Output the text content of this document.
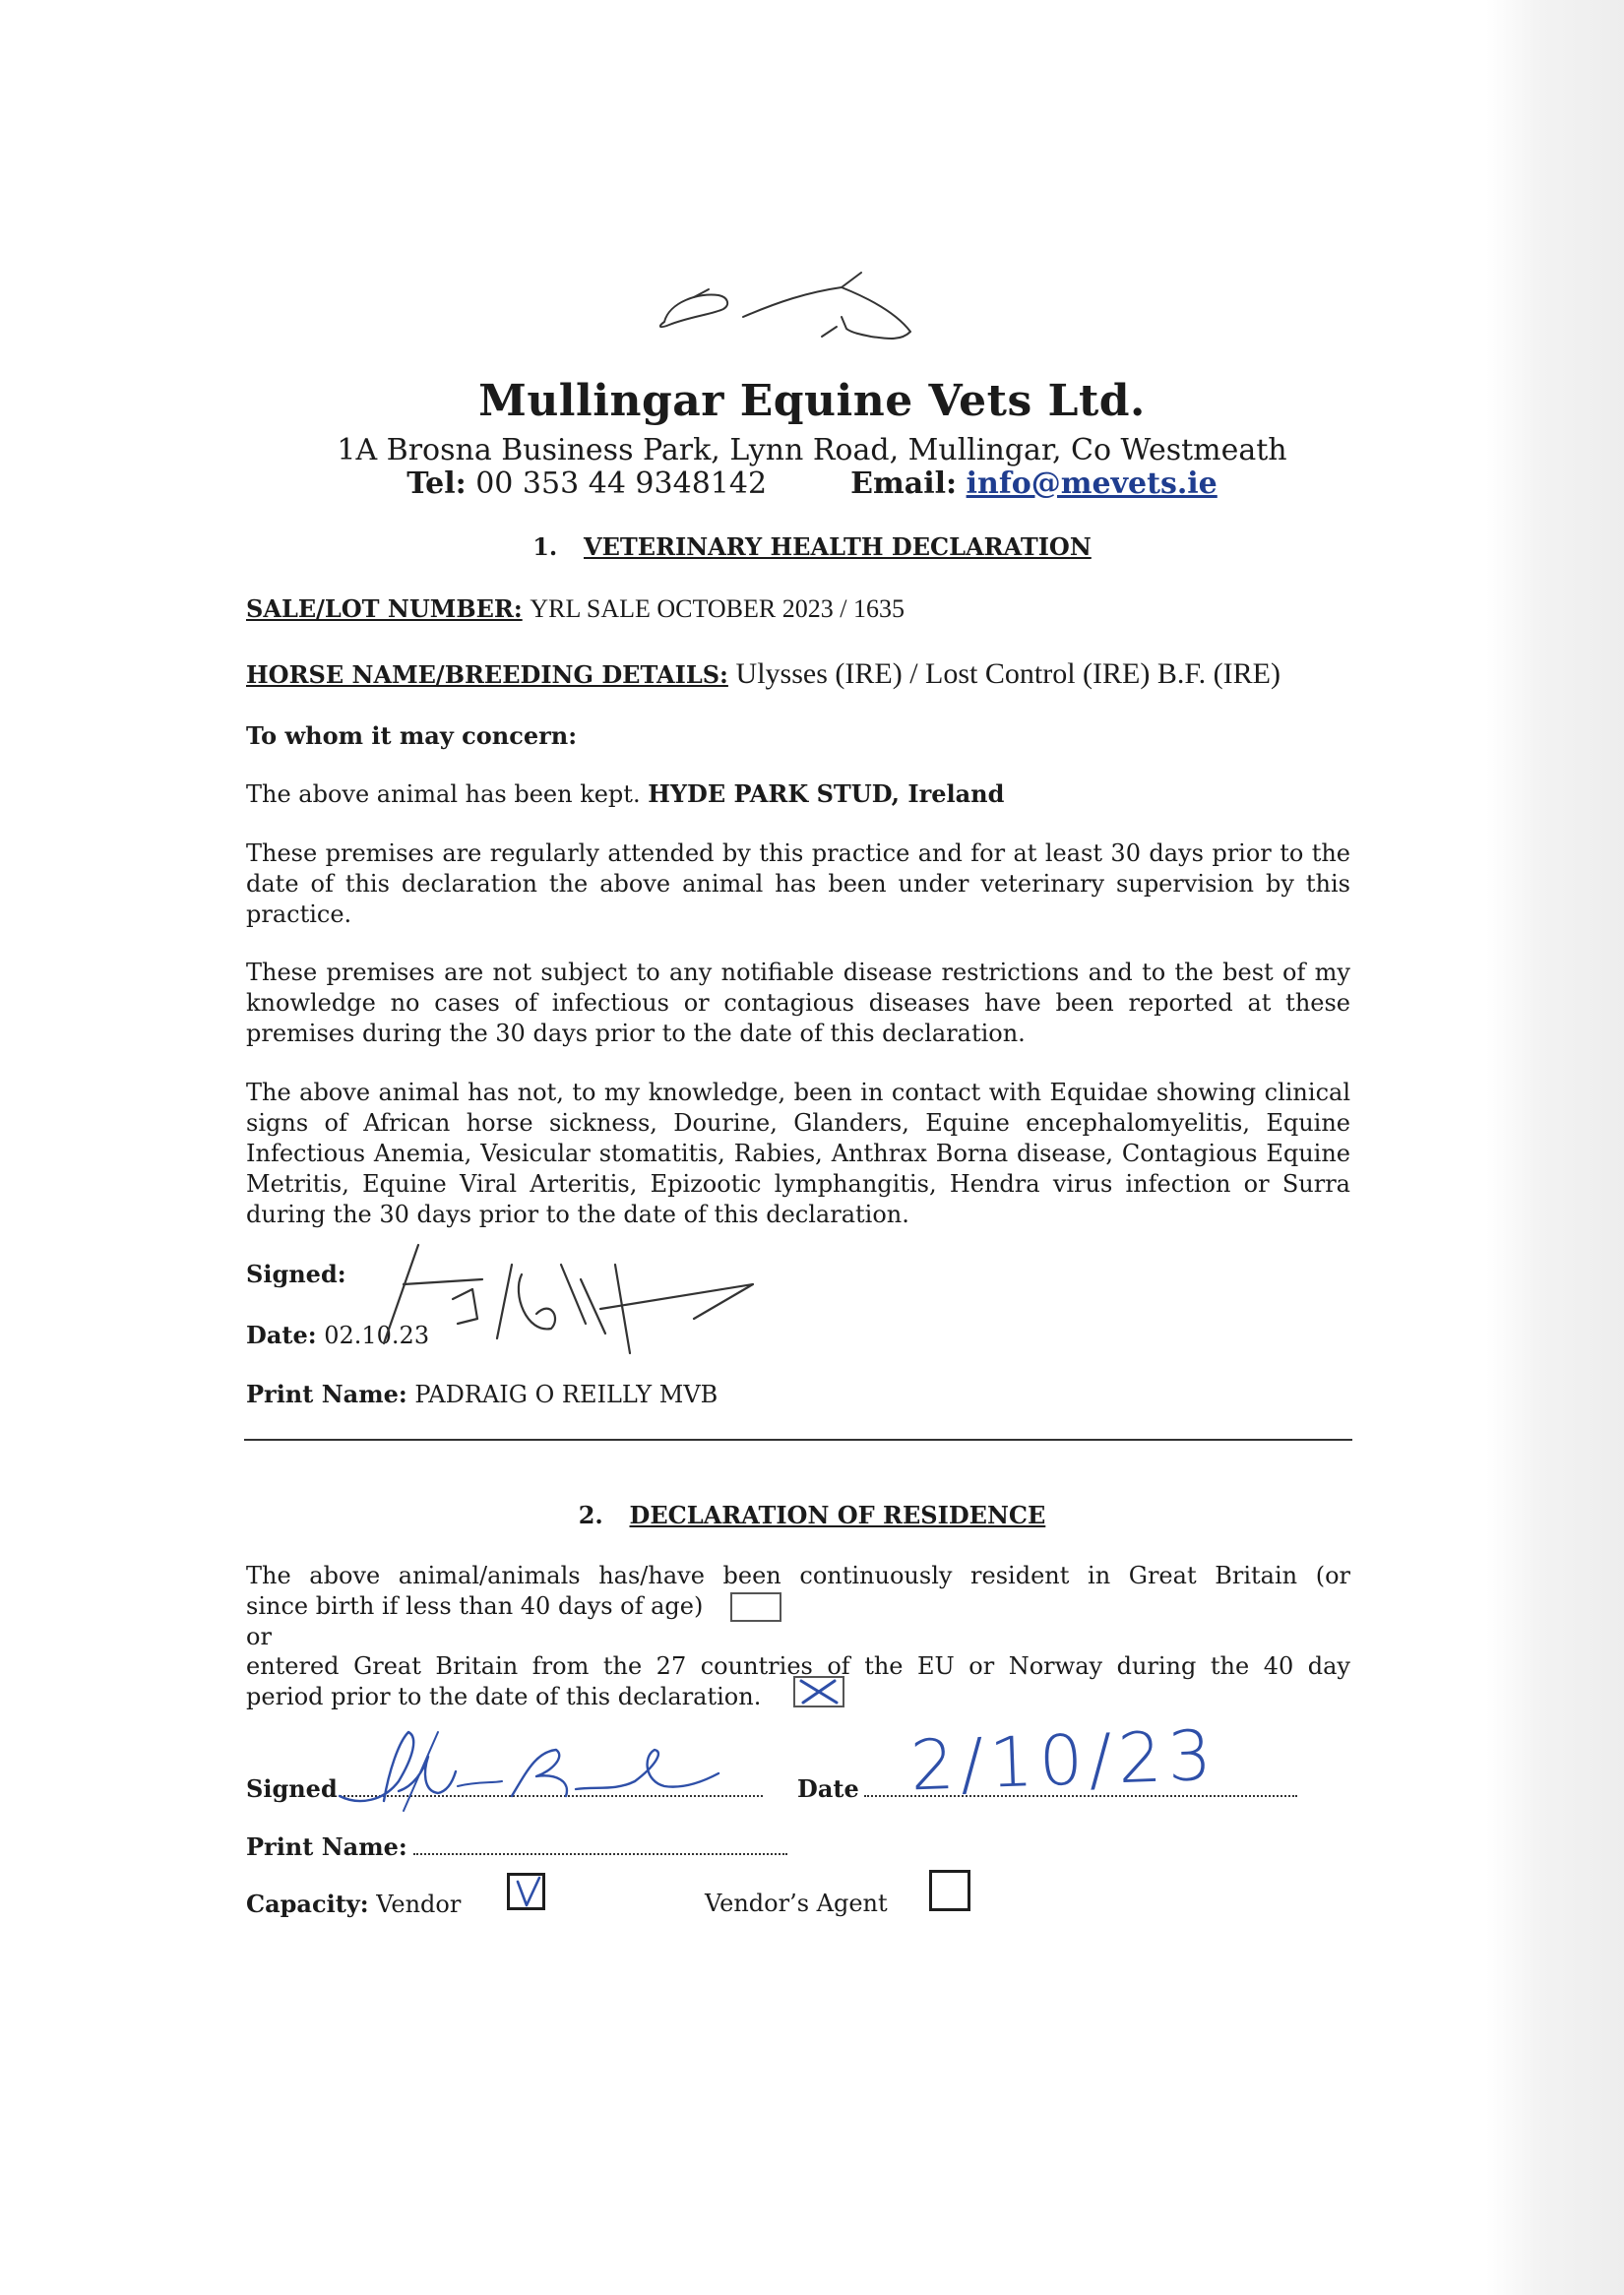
Mullingar Equine Vets Ltd.
1A Brosna Business Park, Lynn Road, Mullingar, Co Westmeath
Tel: 00 353 44 9348142	Email: info@mevets.ie
1. VETERINARY HEALTH DECLARATION
SALE/LOT NUMBER: YRL SALE OCTOBER 2023 / 1635
HORSE NAME/BREEDING DETAILS: Ulysses (IRE) / Lost Control (IRE) B.F. (IRE)
To whom it may concern:
The above animal has been kept. HYDE PARK STUD, Ireland
These premises are regularly attended by this practice and for at least 30 days prior to the date of this declaration the above animal has been under veterinary supervision by this practice.
These premises are not subject to any notifiable disease restrictions and to the best of my knowledge no cases of infectious or contagious diseases have been reported at these premises during the 30 days prior to the date of this declaration.
The above animal has not, to my knowledge, been in contact with Equidae showing clinical signs of African horse sickness, Dourine, Glanders, Equine encephalomyelitis, Equine Infectious Anemia, Vesicular stomatitis, Rabies, Anthrax Borna disease, Contagious Equine Metritis, Equine Viral Arteritis, Epizootic lymphangitis, Hendra virus infection or Surra during the 30 days prior to the date of this declaration.
Signed:
Date: 02.10.23
Print Name: PADRAIG O REILLY MVB
2. DECLARATION OF RESIDENCE
The above animal/animals has/have been continuously resident in Great Britain (or
since birth if less than 40 days of age)
or
entered Great Britain from the 27 countries of the EU or Norway during the 40 day
period prior to the date of this declaration.
Signed	Date 2/10/23
Print Name:
Capacity: Vendor	Vendor’s Agent
